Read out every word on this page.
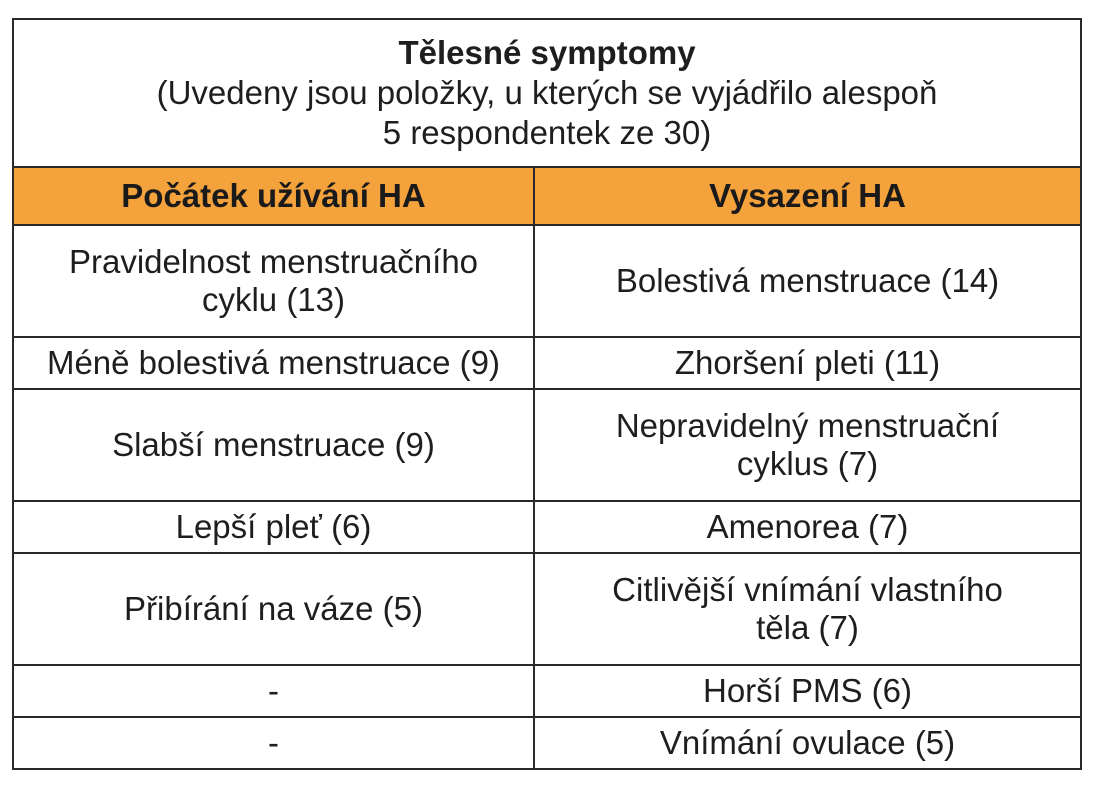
Tělesné symptomy
(Uvedeny jsou položky, u kterých se vyjádřilo alespoň
5 respondentek ze 30)	

Počátek užívání HA	Vysazení HA
Pravidelnost menstruačního
cyklu (13)	Bolestivá menstruace (14)
Méně bolestivá menstruace (9)	Zhoršení pleti (11)
Slabší menstruace (9)	Nepravidelný menstruační
cyklus (7)
Lepší pleť (6)	Amenorea (7)
Přibírání na váze (5)	Citlivější vnímání vlastního
těla (7)
-	Horší PMS (6)
-	Vnímání ovulace (5)
